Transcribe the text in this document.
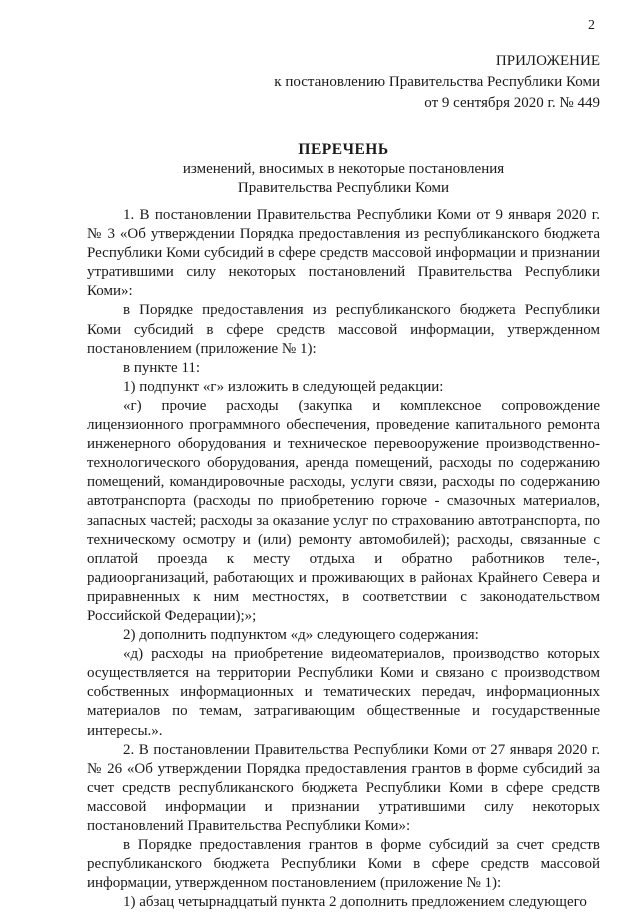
2
ПРИЛОЖЕНИЕ
к постановлению Правительства Республики Коми
от 9 сентября 2020 г. № 449
ПЕРЕЧЕНЬ
изменений, вносимых в некоторые постановления
Правительства Республики Коми

1. В постановлении Правительства Республики Коми от 9 января 2020 г. № 3 «Об утверждении Порядка предоставления из республиканского бюджета Республики Коми субсидий в сфере средств массовой информации и признании утратившими силу некоторых постановлений Правительства Республики Коми»:

в Порядке предоставления из республиканского бюджета Республики Коми субсидий в сфере средств массовой информации, утвержденном постановлением (приложение № 1):

в пункте 11:

1) подпункт «г» изложить в следующей редакции:

«г) прочие расходы (закупка и комплексное сопровождение лицензионного программного обеспечения, проведение капитального ремонта инженерного оборудования и техническое перевооружение производственно-технологического оборудования, аренда помещений, расходы по содержанию помещений, командировочные расходы, услуги связи, расходы по содержанию автотранспорта (расходы по приобретению горюче - смазочных материалов, запасных частей; расходы за оказание услуг по страхованию автотранспорта, по техническому осмотру и (или) ремонту автомобилей); расходы, связанные с оплатой проезда к месту отдыха и обратно работников теле-, радиоорганизаций, работающих и проживающих в районах Крайнего Севера и приравненных к ним местностях, в соответствии с законодательством Российской Федерации);»;

2) дополнить подпунктом «д» следующего содержания:

«д) расходы на приобретение видеоматериалов, производство которых осуществляется на территории Республики Коми и связано с производством собственных информационных и тематических передач, информационных материалов по темам, затрагивающим общественные и государственные интересы.».

2. В постановлении Правительства Республики Коми от 27 января 2020 г. № 26 «Об утверждении Порядка предоставления грантов в форме субсидий за счет средств республиканского бюджета Республики Коми в сфере средств массовой информации и признании утратившими силу некоторых постановлений Правительства Республики Коми»:

в Порядке предоставления грантов в форме субсидий за счет средств республиканского бюджета Республики Коми в сфере средств массовой информации, утвержденном постановлением (приложение № 1):

1) абзац четырнадцатый пункта 2 дополнить предложением следующего
